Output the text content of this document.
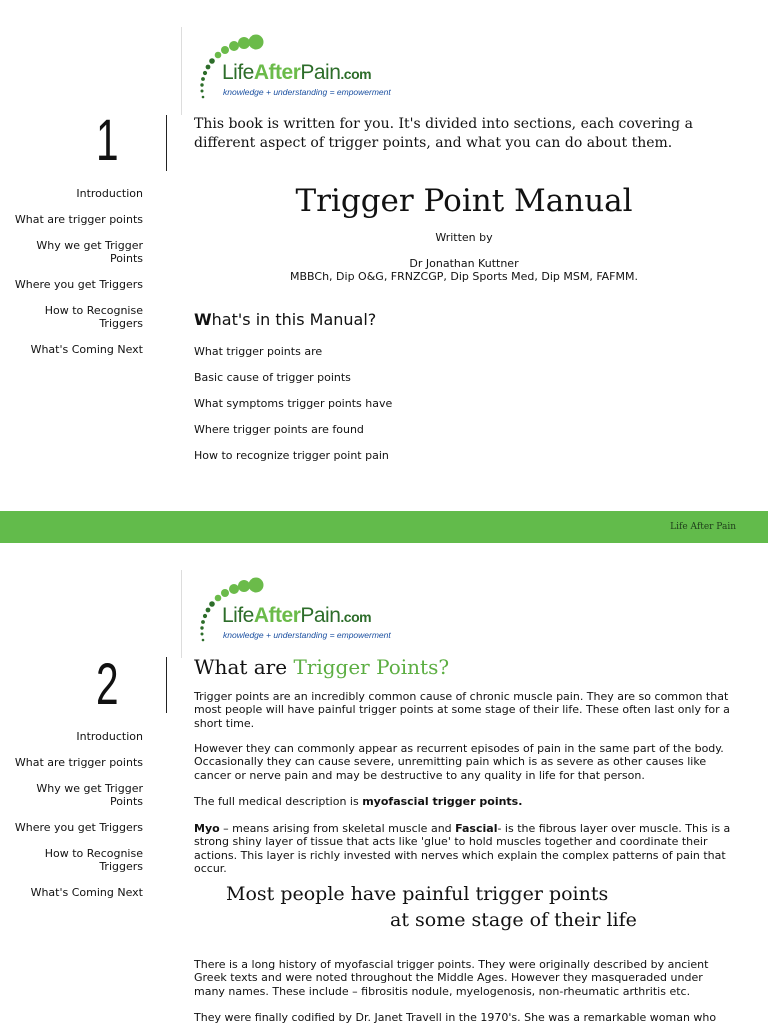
LifeAfterPain.com
knowledge + understanding = empowerment
1	This book is written for you. It's divided into sections, each covering a different aspect of trigger points, and what you can do about them.
Introduction
What are trigger points
Why we get Trigger Points
Where you get Triggers
How to Recognise Triggers
What's Coming Next
Trigger Point Manual
Written by
Dr Jonathan Kuttner
MBBCh, Dip O&G, FRNZCGP, Dip Sports Med, Dip MSM, FAFMM.
What's in this Manual?
What trigger points are
Basic cause of trigger points
What symptoms trigger points have
Where trigger points are found
How to recognize trigger point pain
Life After Pain
LifeAfterPain.com
knowledge + understanding = empowerment
2	What are Trigger Points?
Introduction
What are trigger points
Why we get Trigger Points
Where you get Triggers
How to Recognise Triggers
What's Coming Next
Trigger points are an incredibly common cause of chronic muscle pain. They are so common that most people will have painful trigger points at some stage of their life. These often last only for a short time.
However they can commonly appear as recurrent episodes of pain in the same part of the body. Occasionally they can cause severe, unremitting pain which is as severe as other causes like cancer or nerve pain and may be destructive to any quality in life for that person.
The full medical description is myofascial trigger points.
Myo – means arising from skeletal muscle and Fascial- is the fibrous layer over muscle. This is a strong shiny layer of tissue that acts like 'glue' to hold muscles together and coordinate their actions. This layer is richly invested with nerves which explain the complex patterns of pain that occur.
Most people have painful trigger points
at some stage of their life
There is a long history of myofascial trigger points. They were originally described by ancient Greek texts and were noted throughout the Middle Ages. However they masqueraded under many names. These include – fibrositis nodule, myelogenosis, non-rheumatic arthritis etc.
They were finally codified by Dr. Janet Travell in the 1970's. She was a remarkable woman who
